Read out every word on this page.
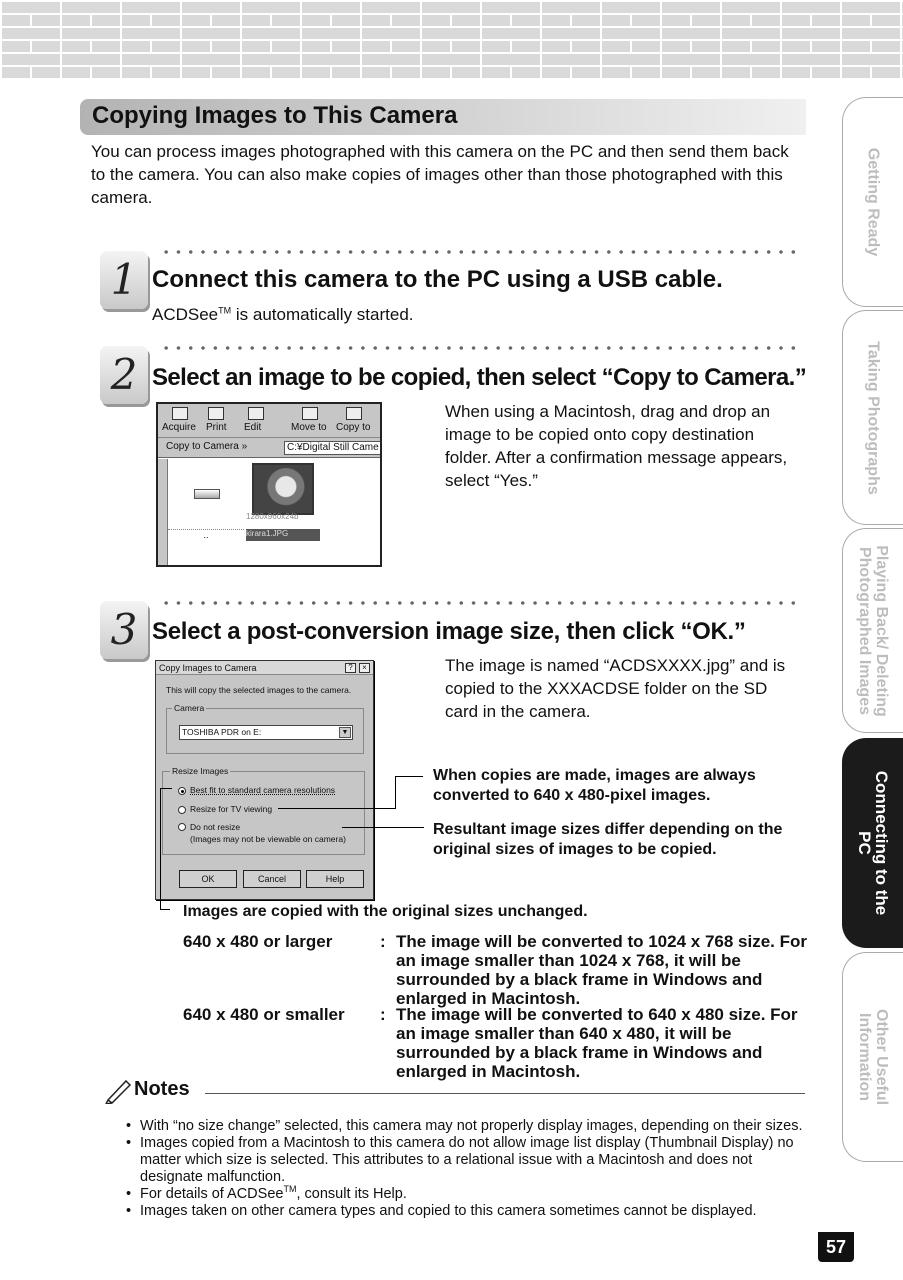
Copying Images to This Camera
You can process images photographed with this camera on the PC and then send them back to the camera. You can also make copies of images other than those photographed with this camera.
1 Connect this camera to the PC using a USB cable.
ACDSee™ is automatically started.
2 Select an image to be copied, then select “Copy to Camera.”
When using a Macintosh, drag and drop an image to be copied onto copy destination folder. After a confirmation message appears, select “Yes.”
Acquire Print Edit	Move to Copy to
Copy to Camera »	C:¥Digital Still Came
1280x960x24b
..	kirara1.JPG
3 Select a post-conversion image size, then click “OK.”
The image is named “ACDSXXXX.jpg” and is copied to the XXXACDSE folder on the SD card in the camera.
Copy Images to Camera	?	×
This will copy the selected images to the camera.
Camera
TOSHIBA PDR on E:	▼
Resize Images
Best fit to standard camera resolutions
Resize for TV viewing
Do not resize
(Images may not be viewable on camera)
OK	Cancel	Help
When copies are made, images are always converted to 640 x 480-pixel images.
Resultant image sizes differ depending on the original sizes of images to be copied.
Images are copied with the original sizes unchanged.
640 x 480 or larger	: The image will be converted to 1024 x 768 size. For an image smaller than 1024 x 768, it will be surrounded by a black frame in Windows and enlarged in Macintosh.
640 x 480 or smaller : The image will be converted to 640 x 480 size. For an image smaller than 640 x 480, it will be surrounded by a black frame in Windows and enlarged in Macintosh.
Notes
• With “no size change” selected, this camera may not properly display images, depending on their sizes.
• Images copied from a Macintosh to this camera do not allow image list display (Thumbnail Display) no matter which size is selected. This attributes to a relational issue with a Macintosh and does not designate malfunction.
• For details of ACDSee™, consult its Help.
• Images taken on other camera types and copied to this camera sometimes cannot be displayed.
Getting Ready
Taking Photographs
Playing Back/ Deleting
Photographed Images
Connecting to the
PC
Other Useful
Information
57
